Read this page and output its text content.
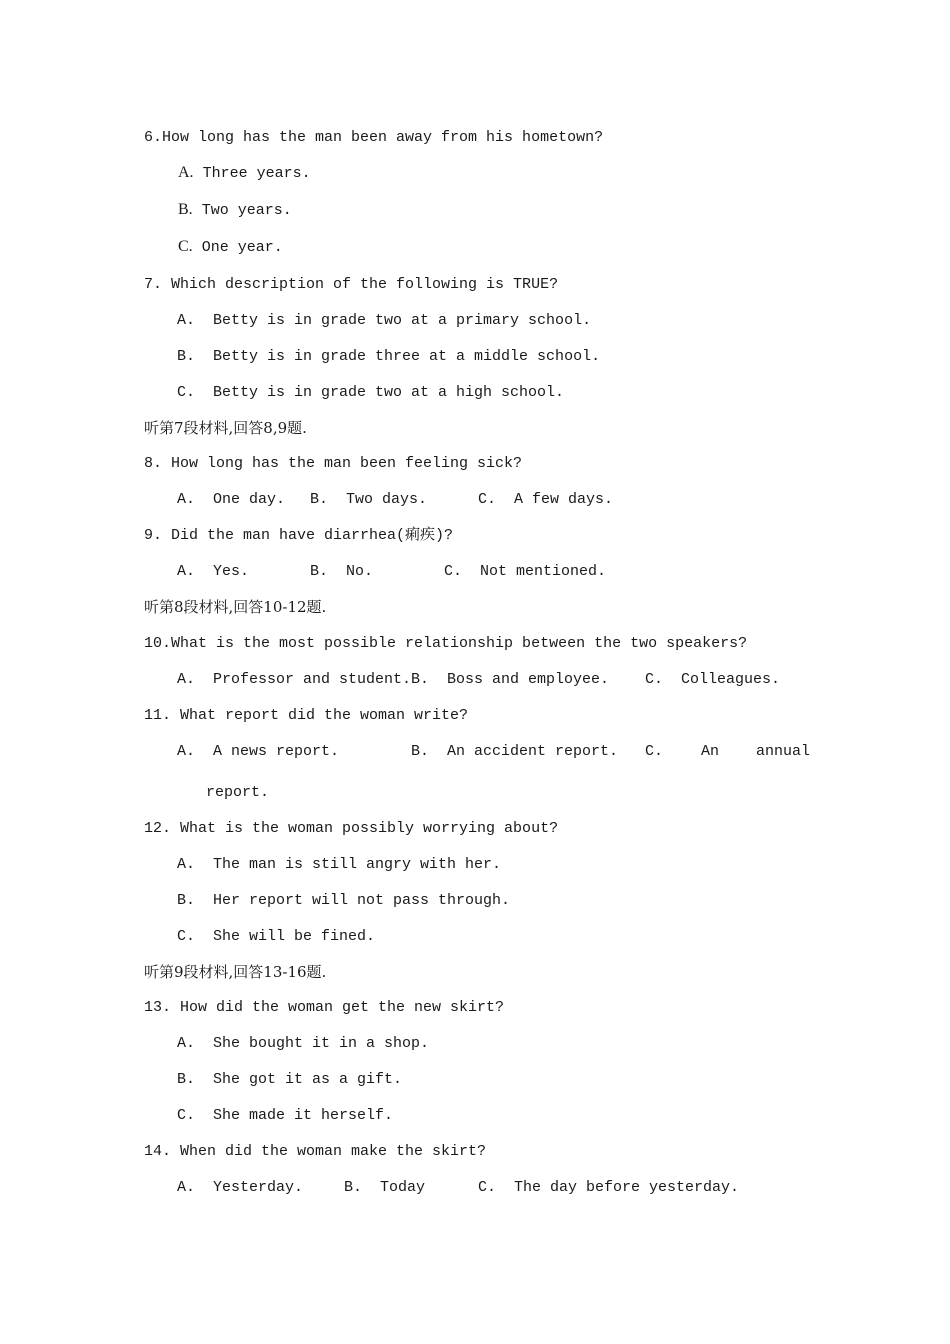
6.How long has the man been away from his hometown?
A. Three years.
B. Two years.
C. One year.
7. Which description of the following is TRUE?
A.  Betty is in grade two at a primary school.
B.  Betty is in grade three at a middle school.
C.  Betty is in grade two at a high school.
听第7段材料,回答8,9题.
8. How long has the man been feeling sick?
A.  One day. B.  Two days.	C.  A few days.
9. Did the man have diarrhea(痢疾)?
A.  Yes.	B.  No.	C.  Not mentioned.
听第8段材料,回答10-12题.
10.What is the most possible relationship between the two speakers?
A.  Professor and student. B.  Boss and employee. C.  Colleagues.
11. What report did the woman write?
A.  A news report.	B.  An accident report. C.	An annual
report.
12. What is the woman possibly worrying about?
A.  The man is still angry with her.
B.  Her report will not pass through.
C.  She will be fined.
听第9段材料,回答13-16题.
13. How did the woman get the new skirt?
A.  She bought it in a shop.
B.  She got it as a gift.
C.  She made it herself.
14. When did the woman make the skirt?
A.  Yesterday.	B.  Today	C.  The day before yesterday.
